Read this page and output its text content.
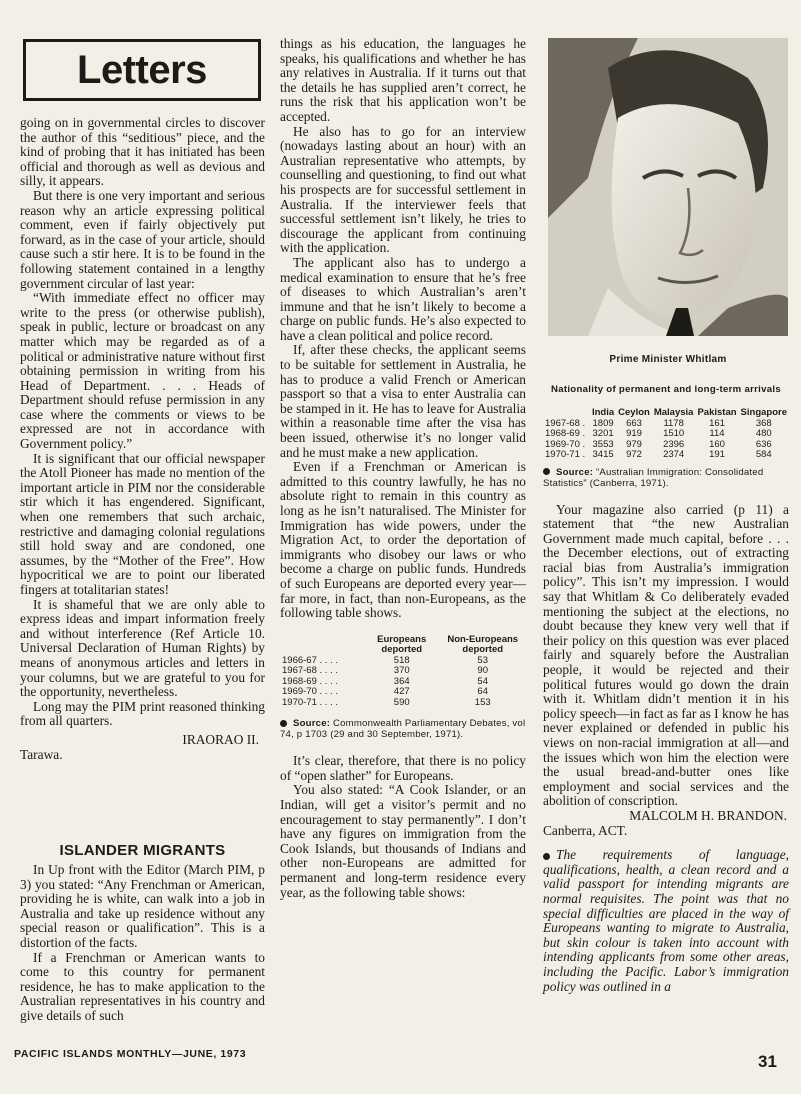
Letters

going on in governmental circles to discover the author of this “seditious” piece, and the kind of probing that it has initiated has been official and thorough as well as devious and silly, it appears.

But there is one very important and serious reason why an article expressing political comment, even if fairly objectively put forward, as in the case of your article, should cause such a stir here. It is to be found in the following statement contained in a lengthy government circular of last year:

“With immediate effect no officer may write to the press (or otherwise publish), speak in public, lecture or broadcast on any matter which may be regarded as of a political or administrative nature without first obtaining permission in writing from his Head of Department. . . . Heads of Department should refuse permission in any case where the comments or views to be expressed are not in accordance with Government policy.”

It is significant that our official newspaper the Atoll Pioneer has made no mention of the important article in PIM nor the considerable stir which it has engendered. Significant, when one remembers that such archaic, restrictive and damaging colonial regulations still hold sway and are condoned, one assumes, by the “Mother of the Free”. How hypocritical we are to point our liberated fingers at totalitarian states!

It is shameful that we are only able to express ideas and impart information freely and without interference (Ref Article 10. Universal Declaration of Human Rights) by means of anonymous articles and letters in your columns, but we are grateful to you for the opportunity, nevertheless.

Long may the PIM print reasoned thinking from all quarters.

IRAORAO II.
Tarawa.
ISLANDER MIGRANTS

In Up front with the Editor (March PIM, p 3) you stated: “Any Frenchman or American, providing he is white, can walk into a job in Australia and take up residence without any special reason or qualification”. This is a distortion of the facts.

If a Frenchman or American wants to come to this country for permanent residence, he has to make application to the Australian representatives in his country and give details of such

things as his education, the languages he speaks, his qualifications and whether he has any relatives in Australia. If it turns out that the details he has supplied aren’t correct, he runs the risk that his application won’t be accepted.

He also has to go for an interview (nowadays lasting about an hour) with an Australian representative who attempts, by counselling and questioning, to find out what his prospects are for successful settlement in Australia. If the interviewer feels that successful settlement isn’t likely, he tries to discourage the applicant from continuing with the application.

The applicant also has to undergo a medical examination to ensure that he’s free of diseases to which Australian’s aren’t immune and that he isn’t likely to become a charge on public funds. He’s also expected to have a clean political and police record.

If, after these checks, the applicant seems to be suitable for settlement in Australia, he has to produce a valid French or American passport so that a visa to enter Australia can be stamped in it. He has to leave for Australia within a reasonable time after the visa has been issued, otherwise it’s no longer valid and he must make a new application.

Even if a Frenchman or American is admitted to this country lawfully, he has no absolute right to remain in this country as long as he isn’t naturalised. The Minister for Immigration has wide powers, under the Migration Act, to order the deportation of immigrants who disobey our laws or who become a charge on public funds. Hundreds of such Europeans are deported every year—far more, in fact, than non-Europeans, as the following table shows.

	Europeans deported	Non-Europeans deported
1966-67 . . . .	518	53
1967-68 . . . .	370	90
1968-69 . . . .	364	54
1969-70 . . . .	427	64
1970-71 . . . .	590	153
Source: Commonwealth Parliamentary Debates, vol 74, p 1703 (29 and 30 September, 1971).

It’s clear, therefore, that there is no policy of “open slather” for Europeans.

You also stated: “A Cook Islander, or an Indian, will get a visitor’s permit and no encouragement to stay permanently”. I don’t have any figures on immigration from the Cook Islands, but thousands of Indians and other non-Europeans are admitted for permanent and long-term residence every year, as the following table shows:

Prime Minister Whitlam
Nationality of permanent and long-term arrivals
	India	Ceylon	Malaysia	Pakistan	Singapore
1967-68 .	1809	663	1178	161	368
1968-69 .	3201	919	1510	114	480
1969-70 .	3553	979	2396	160	636
1970-71 .	3415	972	2374	191	584
Source: “Australian Immigration: Consolidated Statistics” (Canberra, 1971).

Your magazine also carried (p 11) a statement that “the new Australian Government made much capital, before . . . the December elections, out of extracting racial bias from Australia’s immigration policy”. This isn’t my impression. I would say that Whitlam & Co deliberately evaded mentioning the subject at the elections, no doubt because they knew very well that if their policy on this question was ever placed fairly and squarely before the Australian people, it would be rejected and their political futures would go down the drain with it. Whitlam didn’t mention it in his policy speech—in fact as far as I know he has never explained or defended in public his views on non-racial immigration at all—and the issues which won him the election were the usual bread-and-butter ones like employment and social services and the abolition of conscription.

MALCOLM H. BRANDON.
Canberra, ACT.

The requirements of language, qualifications, health, a clean record and a valid passport for intending migrants are normal requisites. The point was that no special difficulties are placed in the way of Europeans wanting to migrate to Australia, but skin colour is taken into account with intending applicants from some other areas, including the Pacific. Labor’s immigration policy was outlined in a

PACIFIC ISLANDS MONTHLY—JUNE, 1973	31
